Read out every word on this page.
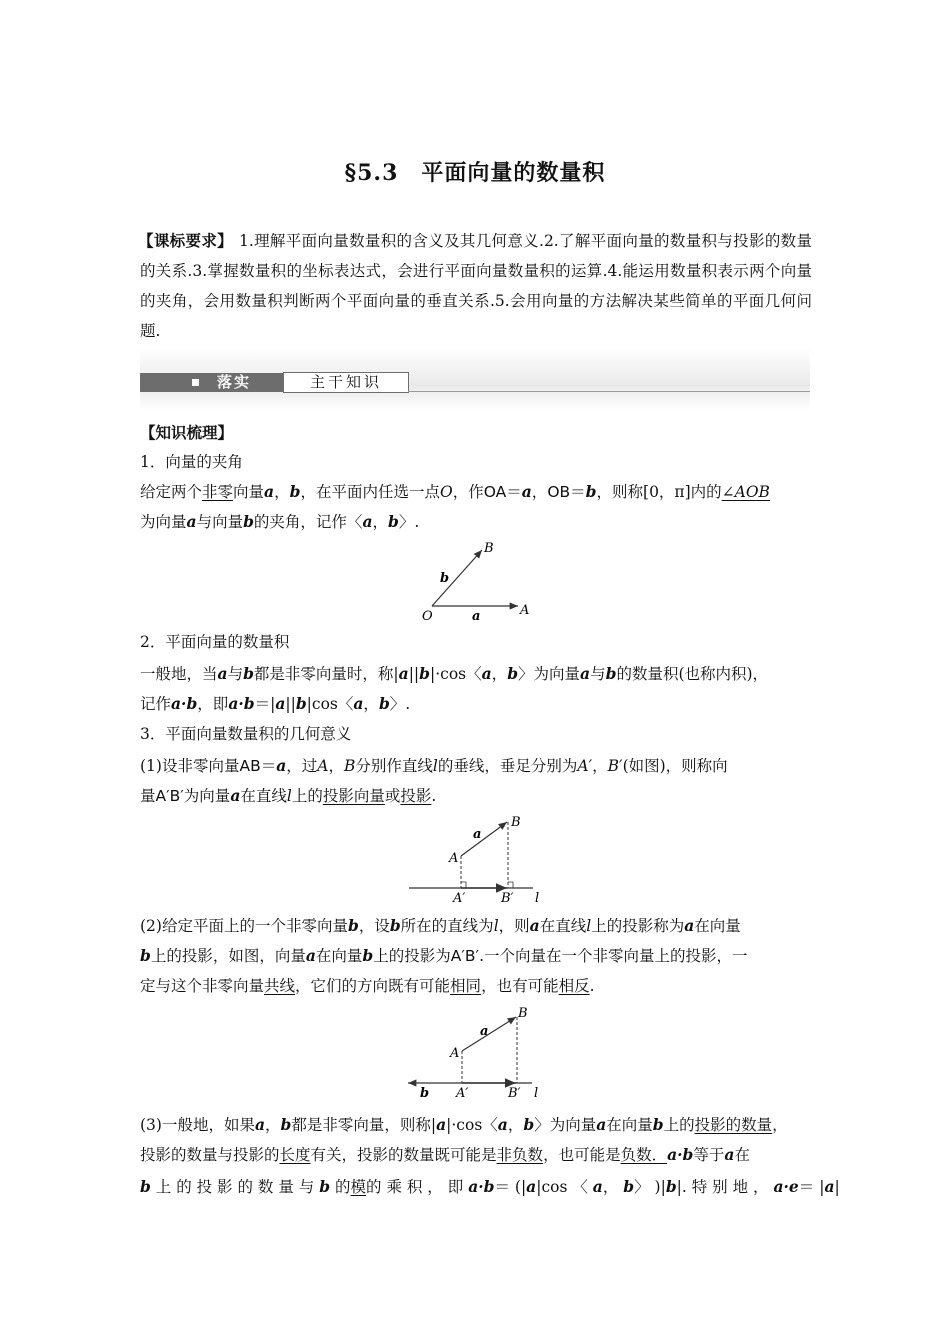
§5.3　平面向量的数量积
【课标要求】 1.理解平面向量数量积的含义及其几何意义.2.了解平面向量的数量积与投影的数量的关系.3.掌握数量积的坐标表达式，会进行平面向量数量积的运算.4.能运用数量积表示两个向量的夹角，会用数量积判断两个平面向量的垂直关系.5.会用向量的方法解决某些简单的平面几何问题.
落实	主干知识
【知识梳理】
1．向量的夹角
给定两个非零向量a，b，在平面内任选一点O，作OA＝a，OB＝b，则称[0，π]内的∠AOB
为向量a与向量b的夹角，记作〈a，b〉.
O	A
B
a
b
2．平面向量的数量积
一般地，当a与b都是非零向量时，称|a||b|·cos〈a，b〉为向量a与b的数量积(也称内积)，
记作a·b，即a·b＝|a||b|cos〈a，b〉.
3．平面向量数量积的几何意义
(1)设非零向量AB＝a，过A，B分别作直线l的垂线，垂足分别为A′，B′(如图)，则称向
量A′B′为向量a在直线l上的投影向量或投影.
A
B
A′	B′
a
l
(2)给定平面上的一个非零向量b，设b所在的直线为l，则a在直线l上的投影称为a在向量
b上的投影，如图，向量a在向量b上的投影为A′B′.一个向量在一个非零向量上的投影，一
定与这个非零向量共线，它们的方向既有可能相同，也有可能相反.
A
B
A′	B′
a
b	l
(3)一般地，如果a，b都是非零向量，则称|a|·cos〈a，b〉为向量a在向量b上的投影的数量，
投影的数量与投影的长度有关，投影的数量既可能是非负数，也可能是负数．a·b等于a在
b 上 的 投 影 的 数 量 与 b 的模的 乘 积 ， 即 a·b＝ (|a|cos 〈 a， b〉 )|b|. 特 别 地 ， a·e＝ |a|
